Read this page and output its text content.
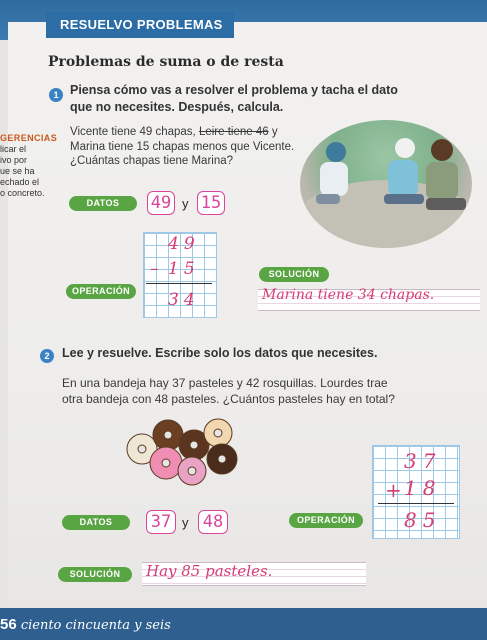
RESUELVO PROBLEMAS
Problemas de suma o de resta
1 Piensa cómo vas a resolver el problema y tacha el dato
que no necesites. Después, calcula.
GERENCIAS
licar el
ivo por
ue se ha
echado el
o concreto.
Vicente tiene 49 chapas, Leire tiene 46 y
Marina tiene 15 chapas menos que Vicente.
¿Cuántas chapas tiene Marina?
DATOS	49 y 15
49
– 15
34
OPERACIÓN
SOLUCIÓN
Marina tiene 34 chapas.
2	Lee y resuelve. Escribe solo los datos que necesites.
En una bandeja hay 37 pasteles y 42 rosquillas. Lourdes trae
otra bandeja con 48 pasteles. ¿Cuántos pasteles hay en total?
37
+ 18
85
DATOS	37 y 48	OPERACIÓN
SOLUCIÓN	Hay 85 pasteles.
56 ciento cincuenta y seis
